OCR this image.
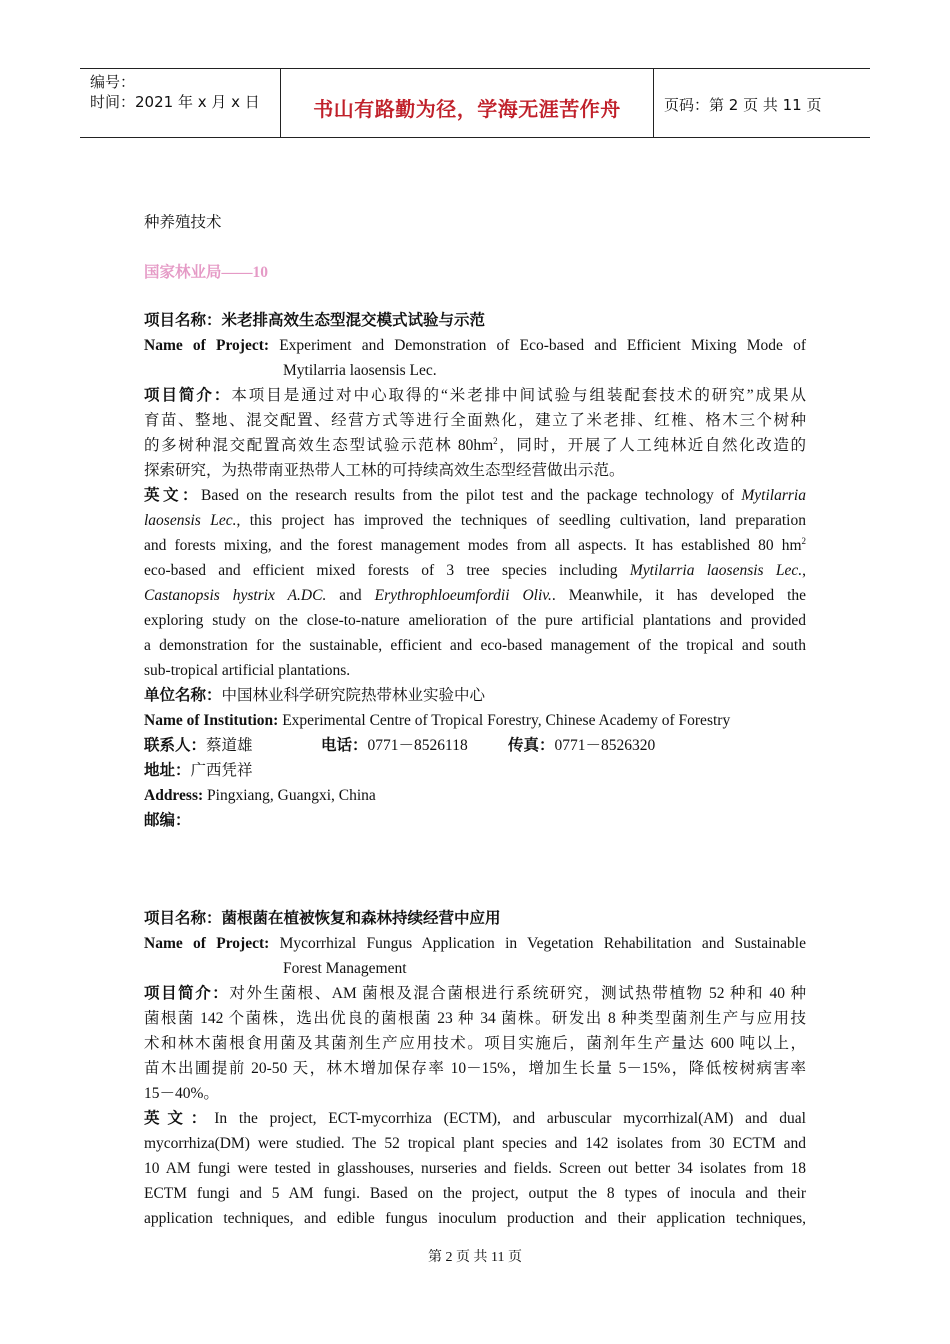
编号：
时间：2021 年 x 月 x 日	书山有路勤为径，学海无涯苦作舟	页码：第 2 页 共 11 页
种养殖技术
国家林业局——10
项目名称：米老排高效生态型混交模式试验与示范
Name of Project: Experiment and Demonstration of Eco-based and Efficient Mixing Mode of
Mytilarria laosensis Lec.
项目简介：本项目是通过对中心取得的“米老排中间试验与组装配套技术的研究”成果从
育苗、整地、混交配置、经营方式等进行全面熟化，建立了米老排、红椎、格木三个树种
的多树种混交配置高效生态型试验示范林 $80hm^2$，同时，开展了人工纯林近自然化改造的
探索研究，为热带南亚热带人工林的可持续高效生态型经营做出示范。
英文：Based on the research results from the pilot test and the package technology of Mytilarria
laosensis Lec., this project has improved the techniques of seedling cultivation, land preparation
and forests mixing, and the forest management modes from all aspects. It has established 80 $hm^2$
eco-based and efficient mixed forests of 3 tree species including Mytilarria laosensis Lec.,
Castanopsis hystrix A.DC. and Erythrophloeumfordii Oliv.. Meanwhile, it has developed the
exploring study on the close-to-nature amelioration of the pure artificial plantations and provided
a demonstration for the sustainable, efficient and eco-based management of the tropical and south
sub-tropical artificial plantations.
单位名称：中国林业科学研究院热带林业实验中心
Name of Institution: Experimental Centre of Tropical Forestry, Chinese Academy of Forestry
联系人：蔡道雄	电话：0771－8526118	传真：0771－8526320
地址：广西凭祥
Address: Pingxiang, Guangxi, China
邮编：
项目名称：菌根菌在植被恢复和森林持续经营中应用
Name of Project: Mycorrhizal Fungus Application in Vegetation Rehabilitation and Sustainable
Forest Management
项目简介：对外生菌根、AM 菌根及混合菌根进行系统研究，测试热带植物 52 种和 40 种
菌根菌 142 个菌株，选出优良的菌根菌 23 种 34 菌株。研发出 8 种类型菌剂生产与应用技
术和林木菌根食用菌及其菌剂生产应用技术。项目实施后，菌剂年生产量达 600 吨以上，
苗木出圃提前 20-50 天，林木增加保存率 10－15%，增加生长量 5－15%，降低桉树病害率
15－40%。
英文：In the project, ECT-mycorrhiza (ECTM), and arbuscular mycorrhizal(AM) and dual
mycorrhiza(DM) were studied. The 52 tropical plant species and 142 isolates from 30 ECTM and
10 AM fungi were tested in glasshouses, nurseries and fields. Screen out better 34 isolates from 18
ECTM fungi and 5 AM fungi. Based on the project, output the 8 types of inocula and their
application techniques, and edible fungus inoculum production and their application techniques,
第 2 页 共 11 页
